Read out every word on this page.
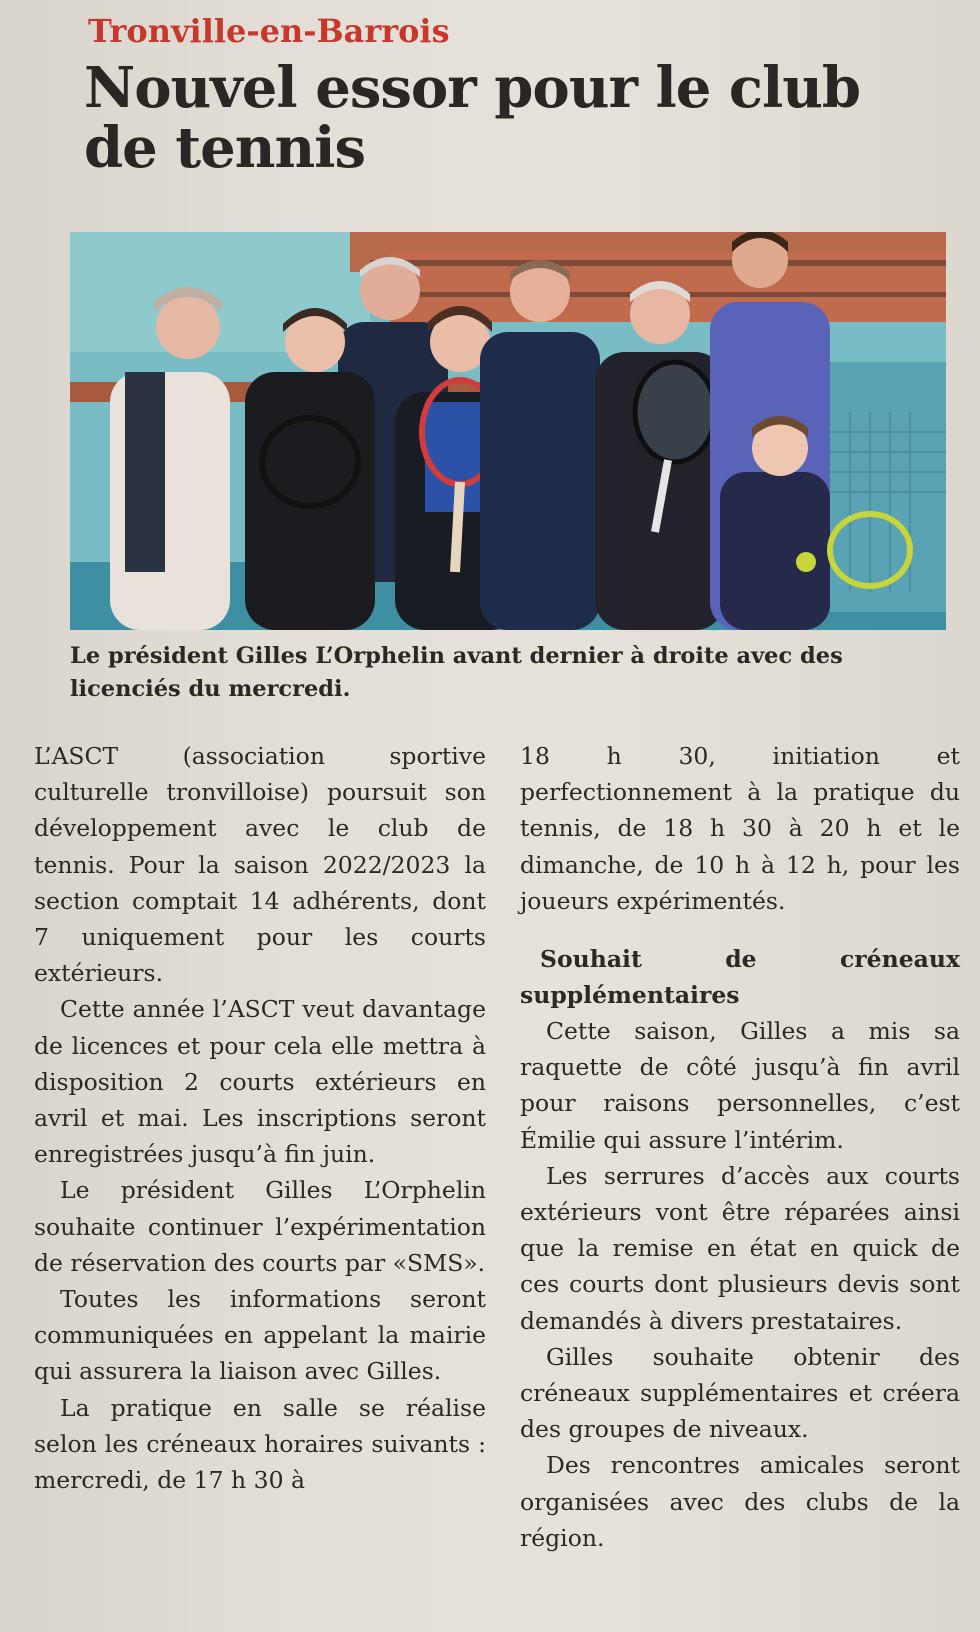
Tronville-en-Barrois
Nouvel essor pour le club de tennis
Le président Gilles L’Orphelin avant dernier à droite avec des licenciés du mercredi.

L’ASCT (association sportive culturelle tronvilloise) poursuit son développement avec le club de tennis. Pour la saison 2022/2023 la section comptait 14 adhérents, dont 7 uniquement pour les courts extérieurs.

Cette année l’ASCT veut davantage de licences et pour cela elle mettra à disposition 2 courts extérieurs en avril et mai. Les inscriptions seront enregistrées jusqu’à fin juin.

Le président Gilles L’Orphelin souhaite continuer l’expérimentation de réservation des courts par «SMS».

Toutes les informations seront communiquées en appelant la mairie qui assurera la liaison avec Gilles.

La pratique en salle se réalise selon les créneaux horaires suivants : mercredi, de 17 h 30 à

18 h 30, initiation et perfectionnement à la pratique du tennis, de 18 h 30 à 20 h et le dimanche, de 10 h à 12 h, pour les joueurs expérimentés.

Souhait de créneaux supplémentaires

Cette saison, Gilles a mis sa raquette de côté jusqu’à fin avril pour raisons personnelles, c’est Émilie qui assure l’intérim.

Les serrures d’accès aux courts extérieurs vont être réparées ainsi que la remise en état en quick de ces courts dont plusieurs devis sont demandés à divers prestataires.

Gilles souhaite obtenir des créneaux supplémentaires et créera des groupes de niveaux.

Des rencontres amicales seront organisées avec des clubs de la région.
